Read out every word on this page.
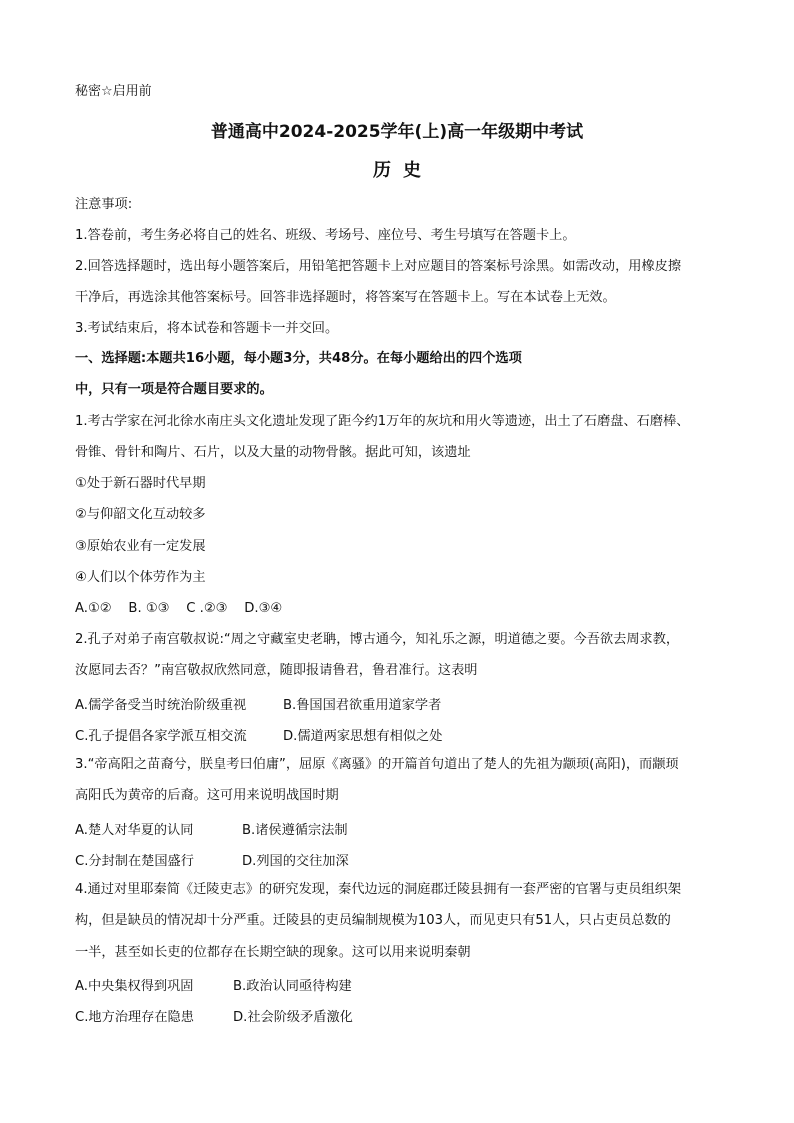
秘密☆启用前
普通高中2024-2025学年(上)高一年级期中考试
历史
注意事项:
1.答卷前，考生务必将自己的姓名、班级、考场号、座位号、考生号填写在答题卡上。
2.回答选择题时，选出每小题答案后，用铅笔把答题卡上对应题目的答案标号涂黑。如需改动，用橡皮擦
干净后，再选涂其他答案标号。回答非选择题时，将答案写在答题卡上。写在本试卷上无效。
3.考试结束后，将本试卷和答题卡一并交回。
一、选择题:本题共16小题，每小题3分，共48分。在每小题给出的四个选项
中，只有一项是符合题目要求的。
1.考古学家在河北徐水南庄头文化遗址发现了距今约1万年的灰坑和用火等遗迹，出土了石磨盘、石磨棒、
骨锥、骨针和陶片、石片，以及大量的动物骨骸。据此可知，该遗址
①处于新石器时代早期
②与仰韶文化互动较多
③原始农业有一定发展
④人们以个体劳作为主
A.①②    B. ①③    C .②③    D.③④
2.孔子对弟子南宫敬叔说:“周之守藏室史老聃，博古通今，知礼乐之源，明道德之要。今吾欲去周求教，
汝愿同去否？”南宫敬叔欣然同意，随即报请鲁君，鲁君准行。这表明
A.儒学备受当时统治阶级重视	B.鲁国国君欲重用道家学者
C.孔子提倡各家学派互相交流	D.儒道两家思想有相似之处
3.“帝高阳之苗裔兮，朕皇考曰伯庸”，屈原《离骚》的开篇首句道出了楚人的先祖为颛顼(高阳)，而颛顼
高阳氏为黄帝的后裔。这可用来说明战国时期
A.楚人对华夏的认同	B.诸侯遵循宗法制
C.分封制在楚国盛行	D.列国的交往加深
4.通过对里耶秦简《迁陵吏志》的研究发现，秦代边远的洞庭郡迁陵县拥有一套严密的官署与吏员组织架
构，但是缺员的情况却十分严重。迁陵县的吏员编制规模为103人，而见吏只有51人，只占吏员总数的
一半，甚至如长吏的位都存在长期空缺的现象。这可以用来说明秦朝
A.中央集权得到巩固	B.政治认同亟待构建
C.地方治理存在隐患	D.社会阶级矛盾激化
